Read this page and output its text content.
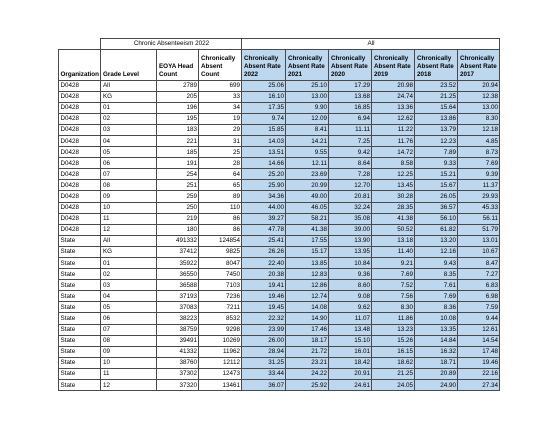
	Chronic Absenteeism 2022			All					
Organization	Grade Level	EOYA Head Count	Chronically Absent Count	Chronically Absent Rate 2022	Chronically Absent Rate 2021	Chronically Absent Rate 2020	Chronically Absent Rate 2019	Chronically Absent Rate 2018	Chronically Absent Rate 2017
D0428	All	2789	699	25.06	25.10	17.29	20.98	23.52	20.94
D0428	KG	205	33	16.10	13.00	13.68	24.74	21.25	12.38
D0428	01	196	34	17.35	9.90	16.85	13.36	15.64	13.00
D0428	02	195	19	9.74	12.09	6.94	12.62	13.86	8.30
D0428	03	183	29	15.85	8.41	11.11	11.22	13.79	12.18
D0428	04	221	31	14.03	14.21	7.25	11.76	12.23	4.85
D0428	05	185	25	13.51	9.55	9.42	14.72	7.89	8.73
D0428	06	191	28	14.66	12.11	8.64	8.58	9.33	7.69
D0428	07	254	64	25.20	23.69	7.28	12.25	15.21	9.39
D0428	08	251	65	25.90	20.99	12.70	13.45	15.67	11.37
D0428	09	259	89	34.36	49.00	20.81	30.28	26.05	29.93
D0428	10	250	110	44.00	46.05	32.24	28.35	36.57	45.33
D0428	11	219	86	39.27	58.21	35.08	41.38	56.10	56.11
D0428	12	180	86	47.78	41.38	39.00	50.52	61.82	51.79
State	All	491332	124854	25.41	17.55	13.90	13.18	13.20	13.01
State	KG	37412	9825	26.26	15.17	13.95	11.40	12.16	10.67
State	01	35922	8047	22.40	13.85	10.84	9.21	9.43	8.47
State	02	36550	7450	20.38	12.83	9.36	7.69	8.35	7.27
State	03	36588	7103	19.41	12.86	8.60	7.52	7.61	6.83
State	04	37193	7236	19.46	12.74	9.08	7.56	7.69	6.98
State	05	37083	7211	19.45	14.08	9.62	8.30	8.36	7.59
State	06	38223	8532	22.32	14.90	11.07	11.86	10.08	9.44
State	07	38759	9298	23.99	17.46	13.48	13.23	13.35	12.61
State	08	39491	10269	26.00	18.17	15.10	15.26	14.84	14.54
State	09	41332	11962	28.94	21.72	16.01	16.15	16.32	17.48
State	10	38760	12112	31.25	23.21	18.42	18.62	18.71	19.46
State	11	37302	12473	33.44	24.22	20.91	21.25	20.89	22.16
State	12	37320	13461	36.07	25.92	24.61	24.05	24.90	27.34
